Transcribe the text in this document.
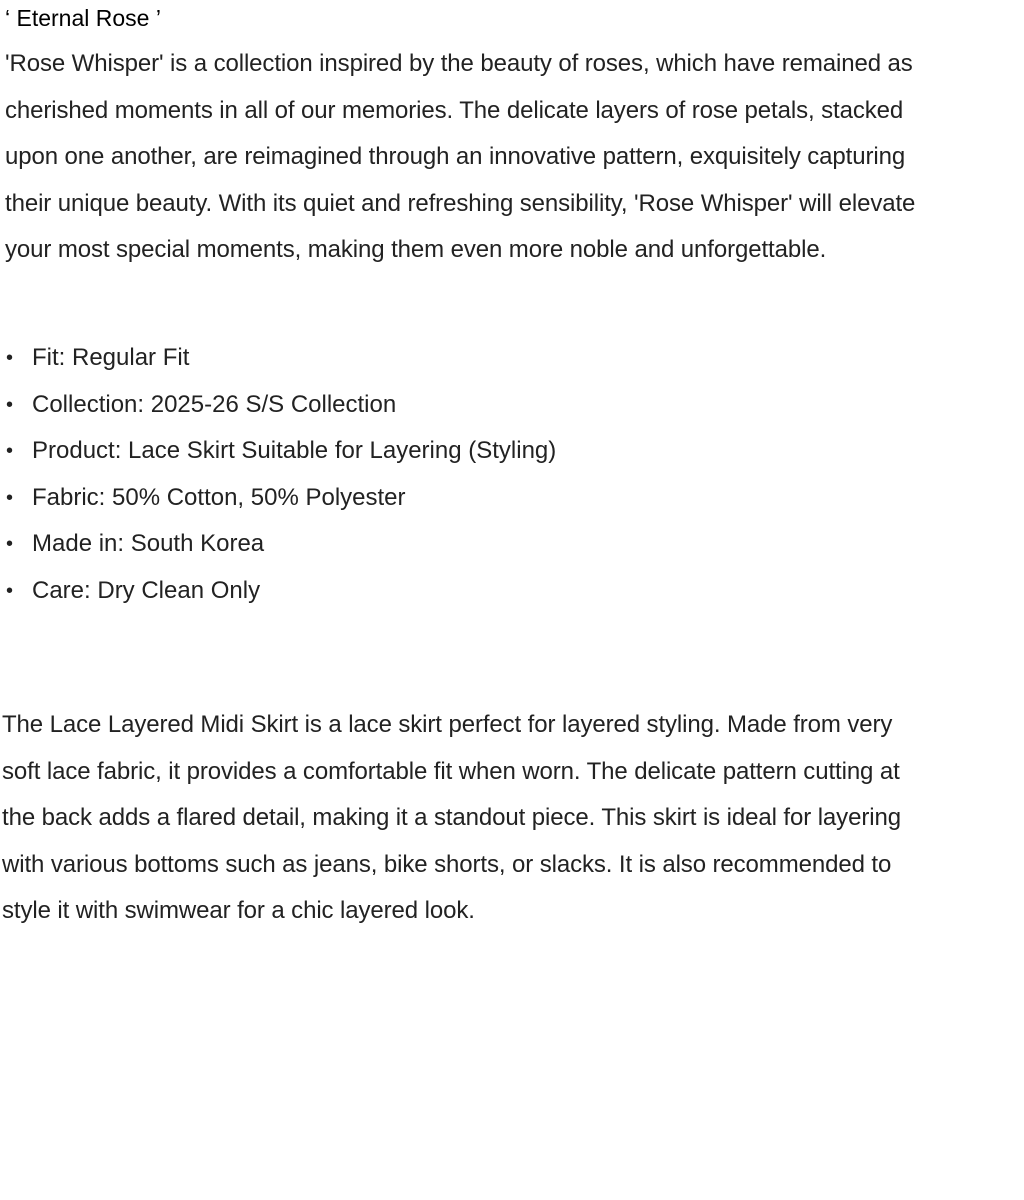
‘ Eternal Rose ’

'Rose Whisper' is a collection inspired by the beauty of roses, which have remained as
cherished moments in all of our memories. The delicate layers of rose petals, stacked
upon one another, are reimagined through an innovative pattern, exquisitely capturing
their unique beauty. With its quiet and refreshing sensibility, 'Rose Whisper' will elevate
your most special moments, making them even more noble and unforgettable.

• Fit: Regular Fit
• Collection: 2025-26 S/S Collection
• Product: Lace Skirt Suitable for Layering (Styling)
• Fabric: 50% Cotton, 50% Polyester
• Made in: South Korea
• Care: Dry Clean Only

The Lace Layered Midi Skirt is a lace skirt perfect for layered styling. Made from very
soft lace fabric, it provides a comfortable fit when worn. The delicate pattern cutting at
the back adds a flared detail, making it a standout piece. This skirt is ideal for layering
with various bottoms such as jeans, bike shorts, or slacks. It is also recommended to
style it with swimwear for a chic layered look.
